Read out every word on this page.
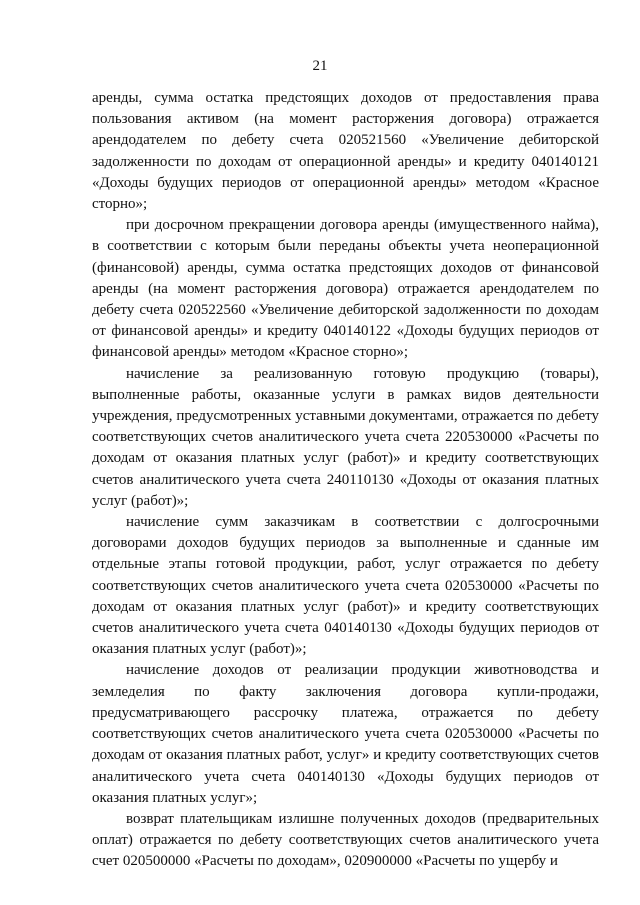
21

аренды, сумма остатка предстоящих доходов от предоставления права пользования активом (на момент расторжения договора) отражается арендодателем по дебету счета 020521560 «Увеличение дебиторской задолженности по доходам от операционной аренды» и кредиту 040140121 «Доходы будущих периодов от операционной аренды» методом «Красное сторно»;

при досрочном прекращении договора аренды (имущественного найма), в соответствии с которым были переданы объекты учета неоперационной (финансовой) аренды, сумма остатка предстоящих доходов от финансовой аренды (на момент расторжения договора) отражается арендодателем по дебету счета 020522560 «Увеличение дебиторской задолженности по доходам от финансовой аренды» и кредиту 040140122 «Доходы будущих периодов от финансовой аренды» методом «Красное сторно»;

начисление за реализованную готовую продукцию (товары), выполненные работы, оказанные услуги в рамках видов деятельности учреждения, предусмотренных уставными документами, отражается по дебету соответствующих счетов аналитического учета счета 220530000 «Расчеты по доходам от оказания платных услуг (работ)» и кредиту соответствующих счетов аналитического учета счета 240110130 «Доходы от оказания платных услуг (работ)»;

начисление сумм заказчикам в соответствии с долгосрочными договорами доходов будущих периодов за выполненные и сданные им отдельные этапы готовой продукции, работ, услуг отражается по дебету соответствующих счетов аналитического учета счета 020530000 «Расчеты по доходам от оказания платных услуг (работ)» и кредиту соответствующих счетов аналитического учета счета 040140130 «Доходы будущих периодов от оказания платных услуг (работ)»;

начисление доходов от реализации продукции животноводства и земледелия по факту заключения договора купли-продажи, предусматривающего рассрочку платежа, отражается по дебету соответствующих счетов аналитического учета счета 020530000 «Расчеты по доходам от оказания платных работ, услуг» и кредиту соответствующих счетов аналитического учета счета 040140130 «Доходы будущих периодов от оказания платных услуг»;

возврат плательщикам излишне полученных доходов (предварительных оплат) отражается по дебету соответствующих счетов аналитического учета счет 020500000 «Расчеты по доходам», 020900000 «Расчеты по ущербу и
